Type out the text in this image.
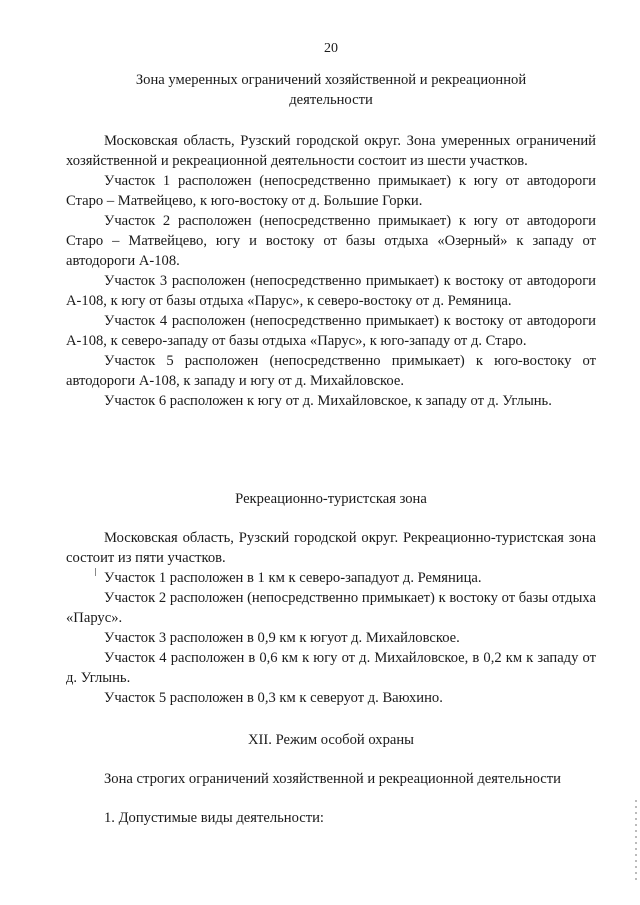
20

Зона умеренных ограничений хозяйственной и рекреационной

деятельности

Московская область, Рузский городской округ. Зона умеренных ограничений хозяйственной и рекреационной деятельности состоит из шести участков.

Участок 1 расположен (непосредственно примыкает) к югу от автодороги Старо – Матвейцево, к юго-востоку от д. Большие Горки.

Участок 2 расположен (непосредственно примыкает) к югу от автодороги Старо – Матвейцево, югу и востоку от базы отдыха «Озерный» к западу от автодороги А-108.

Участок 3 расположен (непосредственно примыкает) к востоку от автодороги А-108, к югу от базы отдыха «Парус», к северо-востоку от д. Ремяница.

Участок 4 расположен (непосредственно примыкает) к востоку от автодороги А-108, к северо-западу от базы отдыха «Парус», к юго-западу от д. Старо.

Участок 5 расположен (непосредственно примыкает) к юго-востоку от автодороги А-108, к западу и югу от д. Михайловское.

Участок 6 расположен к югу от д. Михайловское, к западу от д. Углынь.

Рекреационно-туристская зона

Московская область, Рузский городской округ. Рекреационно-туристская зона состоит из пяти участков.

Участок 1 расположен в 1 км к северо-западуот д. Ремяница.

Участок 2 расположен (непосредственно примыкает) к востоку от базы отдыха «Парус».

Участок 3 расположен в 0,9 км к югуот д. Михайловское.

Участок 4 расположен в 0,6 км к югу от д. Михайловское, в 0,2 км к западу от д. Углынь.

Участок 5 расположен в 0,3 км к северуот д. Ваюхино.

XII. Режим особой охраны

Зона строгих ограничений хозяйственной и рекреационной деятельности

1. Допустимые виды деятельности:
